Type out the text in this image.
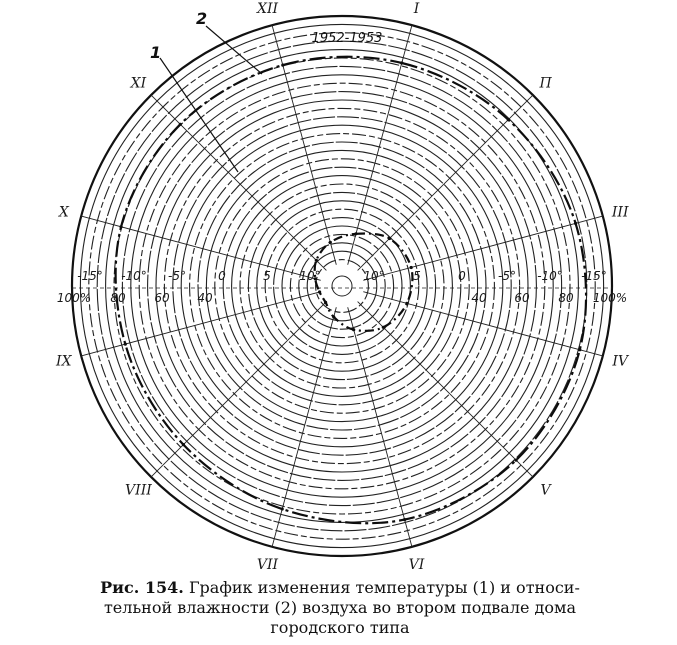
I
Π
III
IV
V
VI
VII
VIII
IX
X
XI
XII
-15°	-15°
-10°	-10°
-5°	-5°
0	0
5	5
10°	10°
100%	100%
80	80
60	60
40	40
1952-1953
1
2
Рис. 154. График изменения температуры (1) и относи-
тельной влажности (2) воздуха во втором подвале дома
городского типа
